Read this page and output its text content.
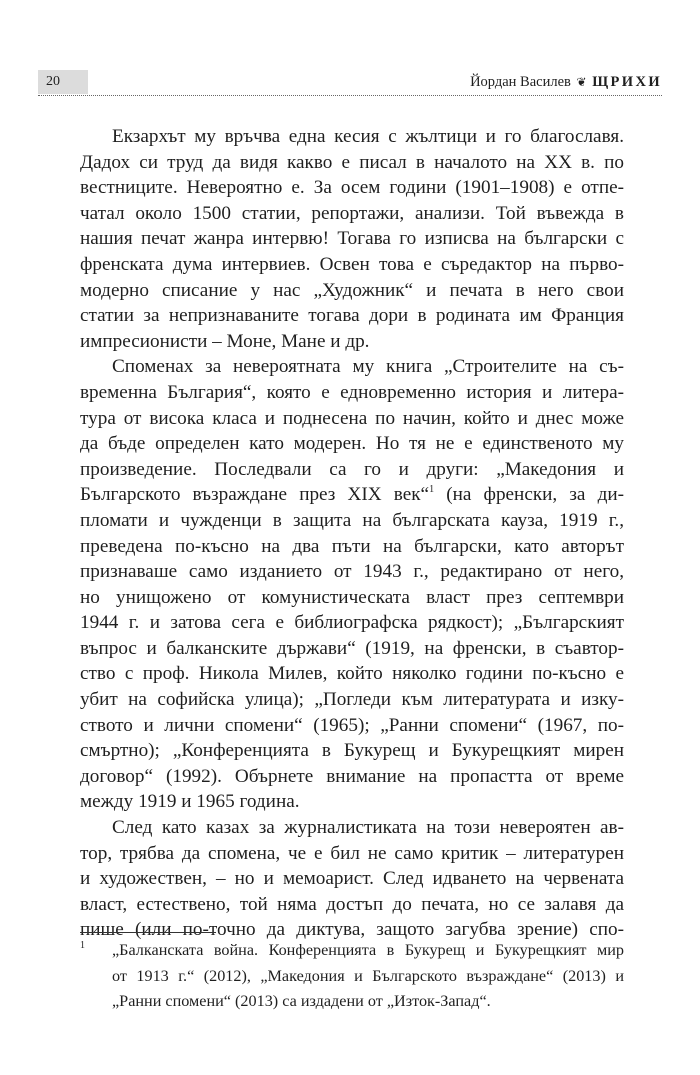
20	Йордан Василев ❦ ЩРИХИ
Екзархът му връчва една кесия с жълтици и го благославя.
Дадох си труд да видя какво е писал в началото на XX в. по
вестниците. Невероятно е. За осем години (1901–1908) е отпе-
чатал около 1500 статии, репортажи, анализи. Той въвежда в
нашия печат жанра интервю! Тогава го изписва на български с
френската дума интервиев. Освен това е съредактор на първо-
модерно списание у нас „Художник“ и печата в него свои
статии за непризнаваните тогава дори в родината им Франция
импресионисти – Моне, Мане и др.
Споменах за невероятната му книга „Строителите на съ-
временна България“, която е едновременно история и литера-
тура от висока класа и поднесена по начин, който и днес може
да бъде определен като модерен. Но тя не е единственото му
произведение. Последвали са го и други: „Македония и
Българското възраждане през XIX век“$^1$ (на френски, за ди-
пломати и чужденци в защита на българската кауза, 1919 г.,
преведена по-късно на два пъти на български, като авторът
признаваше само изданието от 1943 г., редактирано от него,
но унищожено от комунистическата власт през септември
1944 г. и затова сега е библиографска рядкост); „Българският
въпрос и балканските държави“ (1919, на френски, в съавтор-
ство с проф. Никола Милев, който няколко години по-късно е
убит на софийска улица); „Погледи към литературата и изку-
ството и лични спомени“ (1965); „Ранни спомени“ (1967, по-
смъртно); „Конференцията в Букурещ и Букурещкият мирен
договор“ (1992). Обърнете внимание на пропастта от време
между 1919 и 1965 година.
След като казах за журналистиката на този невероятен ав-
тор, трябва да спомена, че е бил не само критик – литературен
и художествен, – но и мемоарист. След идването на червената
власт, естествено, той няма достъп до печата, но се залавя да
пише (или по-точно да диктува, защото загубва зрение) спо-
1 „Балканската война. Конференцията в Букурещ и Букурещкият мир
от 1913 г.“ (2012), „Македония и Българското възраждане“ (2013) и
„Ранни спомени“ (2013) са издадени от „Изток-Запад“.
